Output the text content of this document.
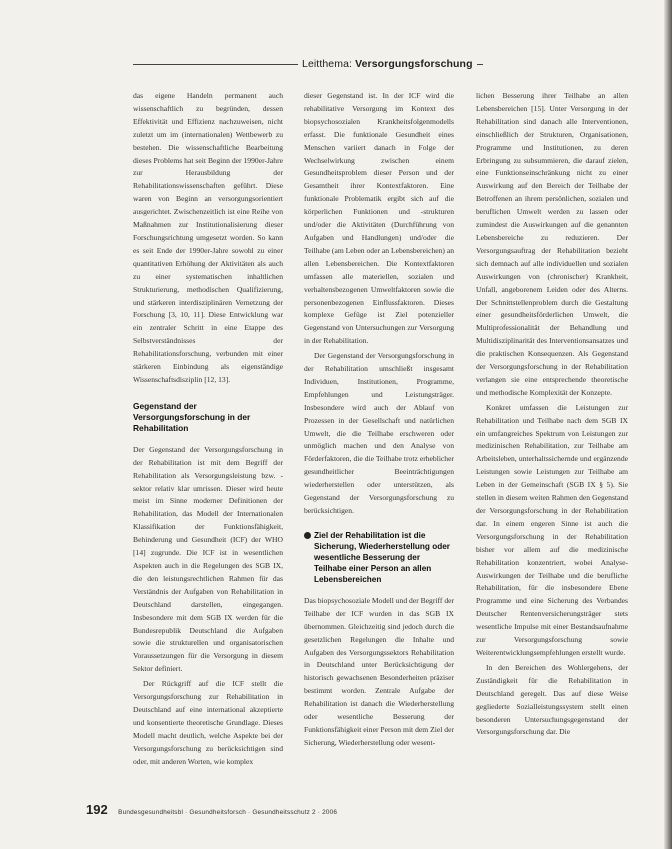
Leitthema: Versorgungsforschung

das eigene Handeln permanent auch wissenschaftlich zu begründen, dessen Effektivität und Effizienz nachzuweisen, nicht zuletzt um im (internationalen) Wettbewerb zu bestehen. Die wissenschaftliche Bearbeitung dieses Problems hat seit Beginn der 1990er-Jahre zur Herausbildung der Rehabilitationswissenschaften geführt. Diese waren von Beginn an versorgungsorientiert ausgerichtet. Zwischenzeitlich ist eine Reihe von Maßnahmen zur Institutionalisierung dieser Forschungsrichtung umgesetzt worden. So kann es seit Ende der 1990er-Jahre sowohl zu einer quantitativen Erhöhung der Aktivitäten als auch zu einer systematischen inhaltlichen Strukturierung, methodischen Qualifizierung, und stärkeren interdisziplinären Vernetzung der Forschung [3, 10, 11]. Diese Entwicklung war ein zentraler Schritt in eine Etappe des Selbstverständnisses der Rehabilitationsforschung, verbunden mit einer stärkeren Einbindung als eigenständige Wissenschaftsdisziplin [12, 13].

Gegenstand der Versorgungsforschung in der Rehabilitation

Der Gegenstand der Versorgungsforschung in der Rehabilitation ist mit dem Begriff der Rehabilitation als Versorgungsleistung bzw. -sektor relativ klar umrissen. Dieser wird heute meist im Sinne moderner Definitionen der Rehabilitation, das Modell der Internationalen Klassifikation der Funktionsfähigkeit, Behinderung und Gesundheit (ICF) der WHO [14] zugrunde. Die ICF ist in wesentlichen Aspekten auch in die Regelungen des SGB IX, die den leistungsrechtlichen Rahmen für das Verständnis der Aufgaben von Rehabilitation in Deutschland darstellen, eingegangen. Insbesondere mit dem SGB IX werden für die Bundesrepublik Deutschland die Aufgaben sowie die strukturellen und organisatorischen Voraussetzungen für die Versorgung in diesem Sektor definiert.

Der Rückgriff auf die ICF stellt die Versorgungsforschung zur Rehabilitation in Deutschland auf eine international akzeptierte und konsentierte theoretische Grundlage. Dieses Modell macht deutlich, welche Aspekte bei der Versorgungsforschung zu berücksichtigen sind oder, mit anderen Worten, wie komplex

dieser Gegenstand ist. In der ICF wird die rehabilitative Versorgung im Kontext des biopsychosozialen Krankheitsfolgenmodells erfasst. Die funktionale Gesundheit eines Menschen variiert danach in Folge der Wechselwirkung zwischen einem Gesundheitsproblem dieser Person und der Gesamtheit ihrer Kontextfaktoren. Eine funktionale Problematik ergibt sich auf die körperlichen Funktionen und -strukturen und/oder die Aktivitäten (Durchführung von Aufgaben und Handlungen) und/oder die Teilhabe (am Leben oder an Lebensbereichen) an allen Lebensbereichen. Die Kontextfaktoren umfassen alle materiellen, sozialen und verhaltensbezogenen Umweltfaktoren sowie die personenbezogenen Einflussfaktoren. Dieses komplexe Gefüge ist Ziel potenzieller Gegenstand von Untersuchungen zur Versorgung in der Rehabilitation.

Der Gegenstand der Versorgungsforschung in der Rehabilitation umschließt insgesamt Individuen, Institutionen, Programme, Empfehlungen und Leistungsträger. Insbesondere wird auch der Ablauf von Prozessen in der Gesellschaft und natürlichen Umwelt, die die Teilhabe erschweren oder unmöglich machen und den Analyse von Förderfaktoren, die die Teilhabe trotz erheblicher gesundheitlicher Beeinträchtigungen wiederherstellen oder unterstützen, als Gegenstand der Versorgungsforschung zu berücksichtigen.

Ziel der Rehabilitation ist die Sicherung, Wiederherstellung oder wesentliche Besserung der Teilhabe einer Person an allen Lebensbereichen

Das biopsychosoziale Modell und der Begriff der Teilhabe der ICF wurden in das SGB IX übernommen. Gleichzeitig sind jedoch durch die gesetzlichen Regelungen die Inhalte und Aufgaben des Versorgungssektors Rehabilitation in Deutschland unter Berücksichtigung der historisch gewachsenen Besonderheiten präziser bestimmt worden. Zentrale Aufgabe der Rehabilitation ist danach die Wiederherstellung oder wesentliche Besserung der Funktionsfähigkeit einer Person mit dem Ziel der Sicherung, Wiederherstellung oder wesent-

lichen Besserung ihrer Teilhabe an allen Lebensbereichen [15]. Unter Versorgung in der Rehabilitation sind danach alle Interventionen, einschließlich der Strukturen, Organisationen, Programme und Institutionen, zu deren Erbringung zu subsummieren, die darauf zielen, eine Funktionseinschränkung nicht zu einer Auswirkung auf den Bereich der Teilhabe der Betroffenen an ihrem persönlichen, sozialen und beruflichen Umwelt werden zu lassen oder zumindest die Auswirkungen auf die genannten Lebensbereiche zu reduzieren. Der Versorgungsauftrag der Rehabilitation bezieht sich demnach auf alle individuellen und sozialen Auswirkungen von (chronischer) Krankheit, Unfall, angeborenem Leiden oder des Alterns. Der Schnittstellenproblem durch die Gestaltung einer gesundheitsförderlichen Umwelt, die Multiprofessionalität der Behandlung und Multidisziplinarität des Interventionsansatzes und die praktischen Konsequenzen. Als Gegenstand der Versorgungsforschung in der Rehabilitation verlangen sie eine entsprechende theoretische und methodische Komplexität der Konzepte.

Konkret umfassen die Leistungen zur Rehabilitation und Teilhabe nach dem SGB IX ein umfangreiches Spektrum von Leistungen zur medizinischen Rehabilitation, zur Teilhabe am Arbeitsleben, unterhaltssichernde und ergänzende Leistungen sowie Leistungen zur Teilhabe am Leben in der Gemeinschaft (SGB IX § 5). Sie stellen in diesem weiten Rahmen den Gegenstand der Versorgungsforschung in der Rehabilitation dar. In einem engeren Sinne ist auch die Versorgungsforschung in der Rehabilitation bisher vor allem auf die medizinische Rehabilitation konzentriert, wobei Analyse-Auswirkungen der Teilhabe und die berufliche Rehabilitation, für die insbesondere Ebene Programme und eine Sicherung des Verbandes Deutscher Rentenversicherungsträger stets wesentliche Impulse mit einer Bestandsaufnahme zur Versorgungsforschung sowie Weiterentwicklungsempfehlungen erstellt wurde.

In den Bereichen des Wohlergehens, der Zuständigkeit für die Rehabilitation in Deutschland geregelt. Das auf diese Weise gegliederte Sozialleistungssystem stellt einen besonderen Untersuchungsgegenstand der Versorgungsforschung dar. Die

192 Bundesgesundheitsbl · Gesundheitsforsch · Gesundheitsschutz 2 · 2006
